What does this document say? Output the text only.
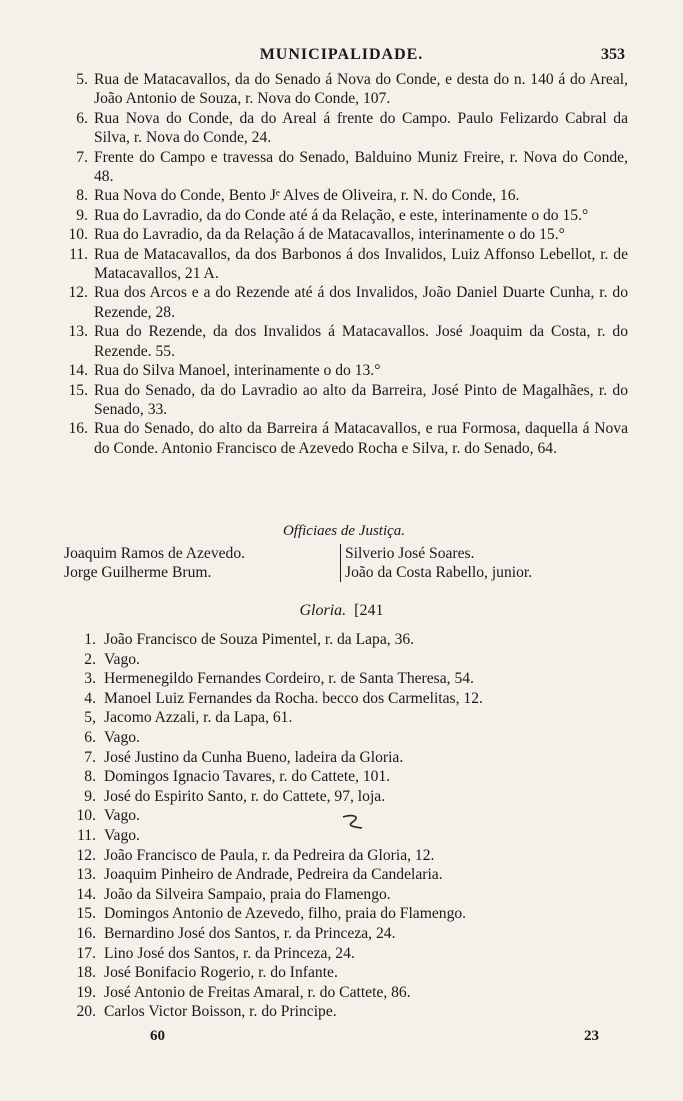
MUNICIPALIDADE.	353
5. Rua de Matacavallos, da do Senado á Nova do Conde, e desta do n. 140 á do Areal, João Antonio de Souza, r. Nova do Conde, 107.
6. Rua Nova do Conde, da do Areal á frente do Campo. Paulo Felizardo Cabral da Silva, r. Nova do Conde, 24.
7. Frente do Campo e travessa do Senado, Balduino Muniz Freire, r. Nova do Conde, 48.
8. Rua Nova do Conde, Bento Jᵉ Alves de Oliveira, r. N. do Conde, 16.
9. Rua do Lavradio, da do Conde até á da Relação, e este, interinamente o do 15.°
10. Rua do Lavradio, da da Relação á de Matacavallos, interinamente o do 15.°
11. Rua de Matacavallos, da dos Barbonos á dos Invalidos, Luiz Affonso Lebellot, r. de Matacavallos, 21 A.
12. Rua dos Arcos e a do Rezende até á dos Invalidos, João Daniel Duarte Cunha, r. do Rezende, 28.
13. Rua do Rezende, da dos Invalidos á Matacavallos. José Joaquim da Costa, r. do Rezende. 55.
14. Rua do Silva Manoel, interinamente o do 13.°
15. Rua do Senado, da do Lavradio ao alto da Barreira, José Pinto de Magalhães, r. do Senado, 33.
16. Rua do Senado, do alto da Barreira á Matacavallos, e rua Formosa, daquella á Nova do Conde. Antonio Francisco de Azevedo Rocha e Silva, r. do Senado, 64.
Officiaes de Justiça.
Joaquim Ramos de Azevedo.
Jorge Guilherme Brum.
Silverio José Soares.
João da Costa Rabello, junior.
Gloria. [241
1. João Francisco de Souza Pimentel, r. da Lapa, 36.
2. Vago.
3. Hermenegildo Fernandes Cordeiro, r. de Santa Theresa, 54.
4. Manoel Luiz Fernandes da Rocha. becco dos Carmelitas, 12.
5, Jacomo Azzali, r. da Lapa, 61.
6. Vago.
7. José Justino da Cunha Bueno, ladeira da Gloria.
8. Domingos Ignacio Tavares, r. do Cattete, 101.
9. José do Espirito Santo, r. do Cattete, 97, loja.
10. Vago.
11. Vago.
12. João Francisco de Paula, r. da Pedreira da Gloria, 12.
13. Joaquim Pinheiro de Andrade, Pedreira da Candelaria.
14. João da Silveira Sampaio, praia do Flamengo.
15. Domingos Antonio de Azevedo, filho, praia do Flamengo.
16. Bernardino José dos Santos, r. da Princeza, 24.
17. Lino José dos Santos, r. da Princeza, 24.
18. José Bonifacio Rogerio, r. do Infante.
19. José Antonio de Freitas Amaral, r. do Cattete, 86.
20. Carlos Victor Boisson, r. do Principe.
60	23
